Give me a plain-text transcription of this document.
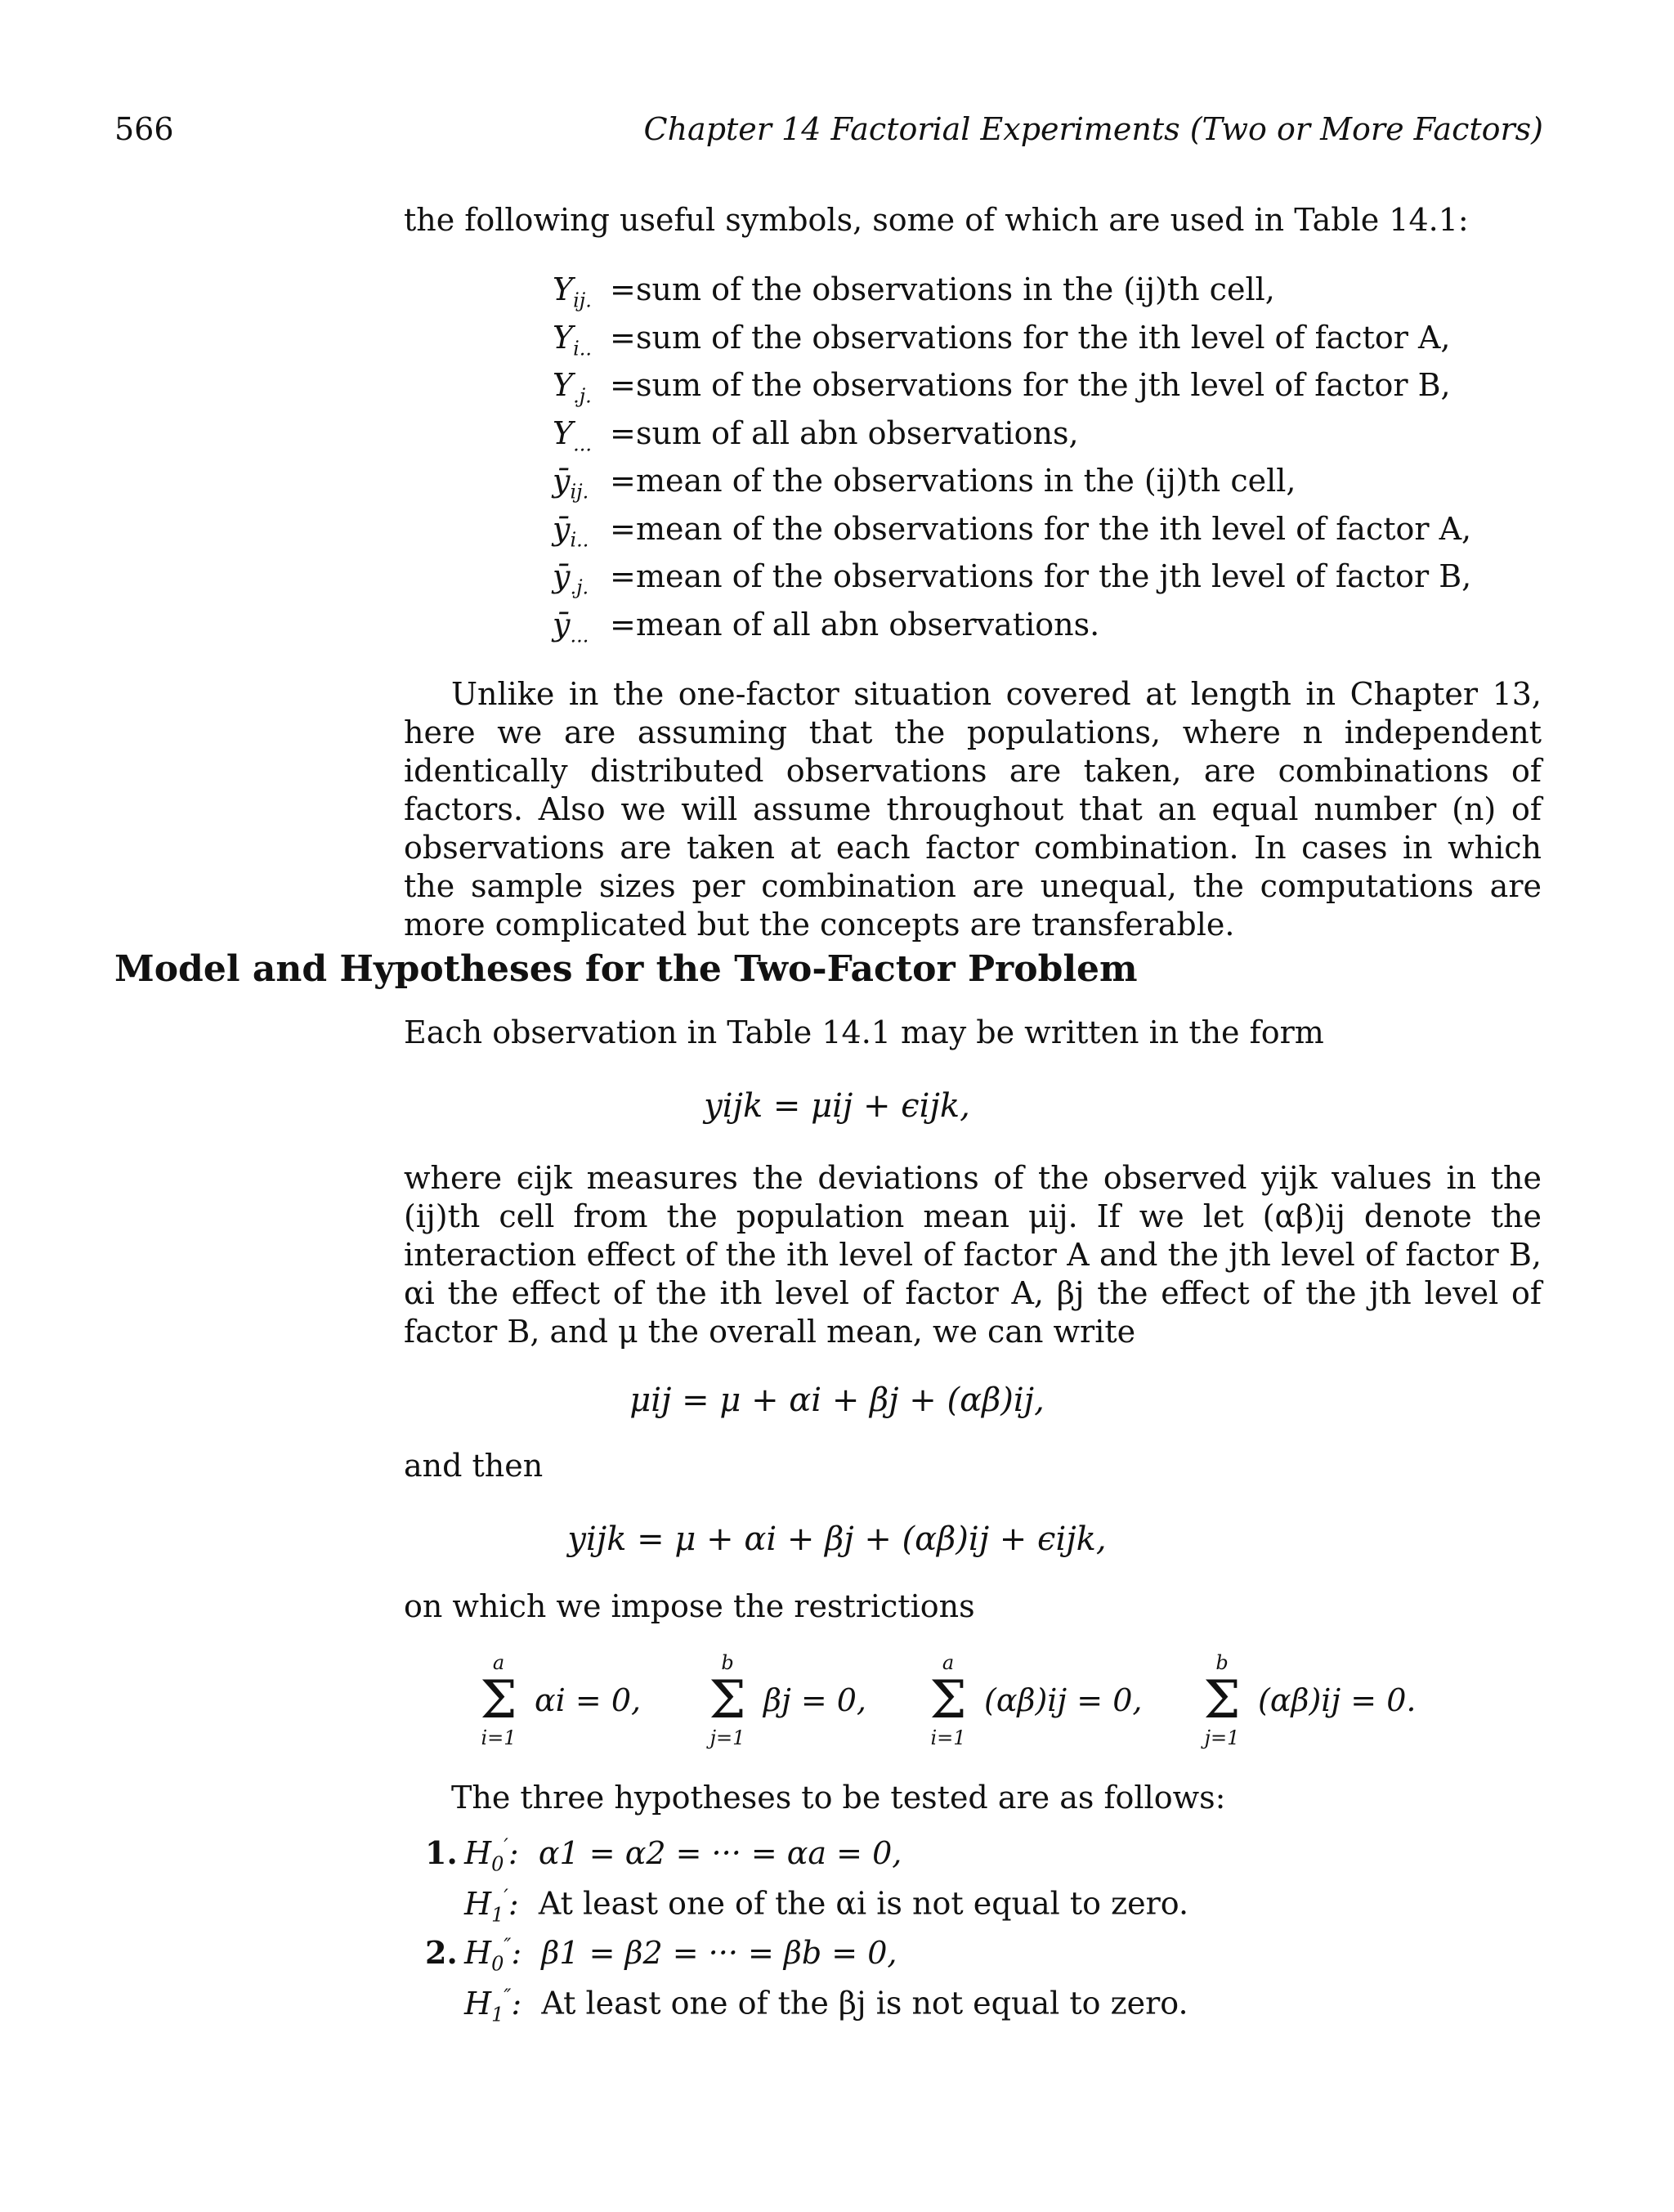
566	Chapter 14 Factorial Experiments (Two or More Factors)
the following useful symbols, some of which are used in Table 14.1:
$Y_{ij.}$ = sum of the observations in the (ij)th cell,
$Y_{i..}$ = sum of the observations for the ith level of factor A,
$Y_{.j.}$ = sum of the observations for the jth level of factor B,
$Y_{...}$ = sum of all abn observations,
$ȳ_{ij.}$ = mean of the observations in the (ij)th cell,
$ȳ_{i..}$ = mean of the observations for the ith level of factor A,
$ȳ_{.j.}$ = mean of the observations for the jth level of factor B,
$ȳ_{...}$ = mean of all abn observations.
Unlike in the one-factor situation covered at length in Chapter 13, here we are assuming that the populations, where n independent identically distributed observations are taken, are combinations of factors. Also we will assume throughout that an equal number (n) of observations are taken at each factor combination. In cases in which the sample sizes per combination are unequal, the computations are more complicated but the concepts are transferable.
Model and Hypotheses for the Two-Factor Problem
Each observation in Table 14.1 may be written in the form
yijk = μij + ϵijk,
where ϵijk measures the deviations of the observed yijk values in the (ij)th cell from the population mean μij. If we let (αβ)ij denote the interaction effect of the ith level of factor A and the jth level of factor B, αi the effect of the ith level of factor A, βj the effect of the jth level of factor B, and μ the overall mean, we can write
μij = μ + αi + βj + (αβ)ij,
and then
yijk = μ + αi + βj + (αβ)ij + ϵijk,
on which we impose the restrictions
a
Σ
i=1
αi = 0,
b
Σ
j=1
βj = 0,
a
Σ
i=1
(αβ)ij = 0,
b
Σ
j=1
(αβ)ij = 0.
The three hypotheses to be tested are as follows:
1. $H_0'$: α1 = α2 = ··· = αa = 0,
$H_1'$: At least one of the αi is not equal to zero.
2. $H_0''$: β1 = β2 = ··· = βb = 0,
$H_1''$: At least one of the βj is not equal to zero.
